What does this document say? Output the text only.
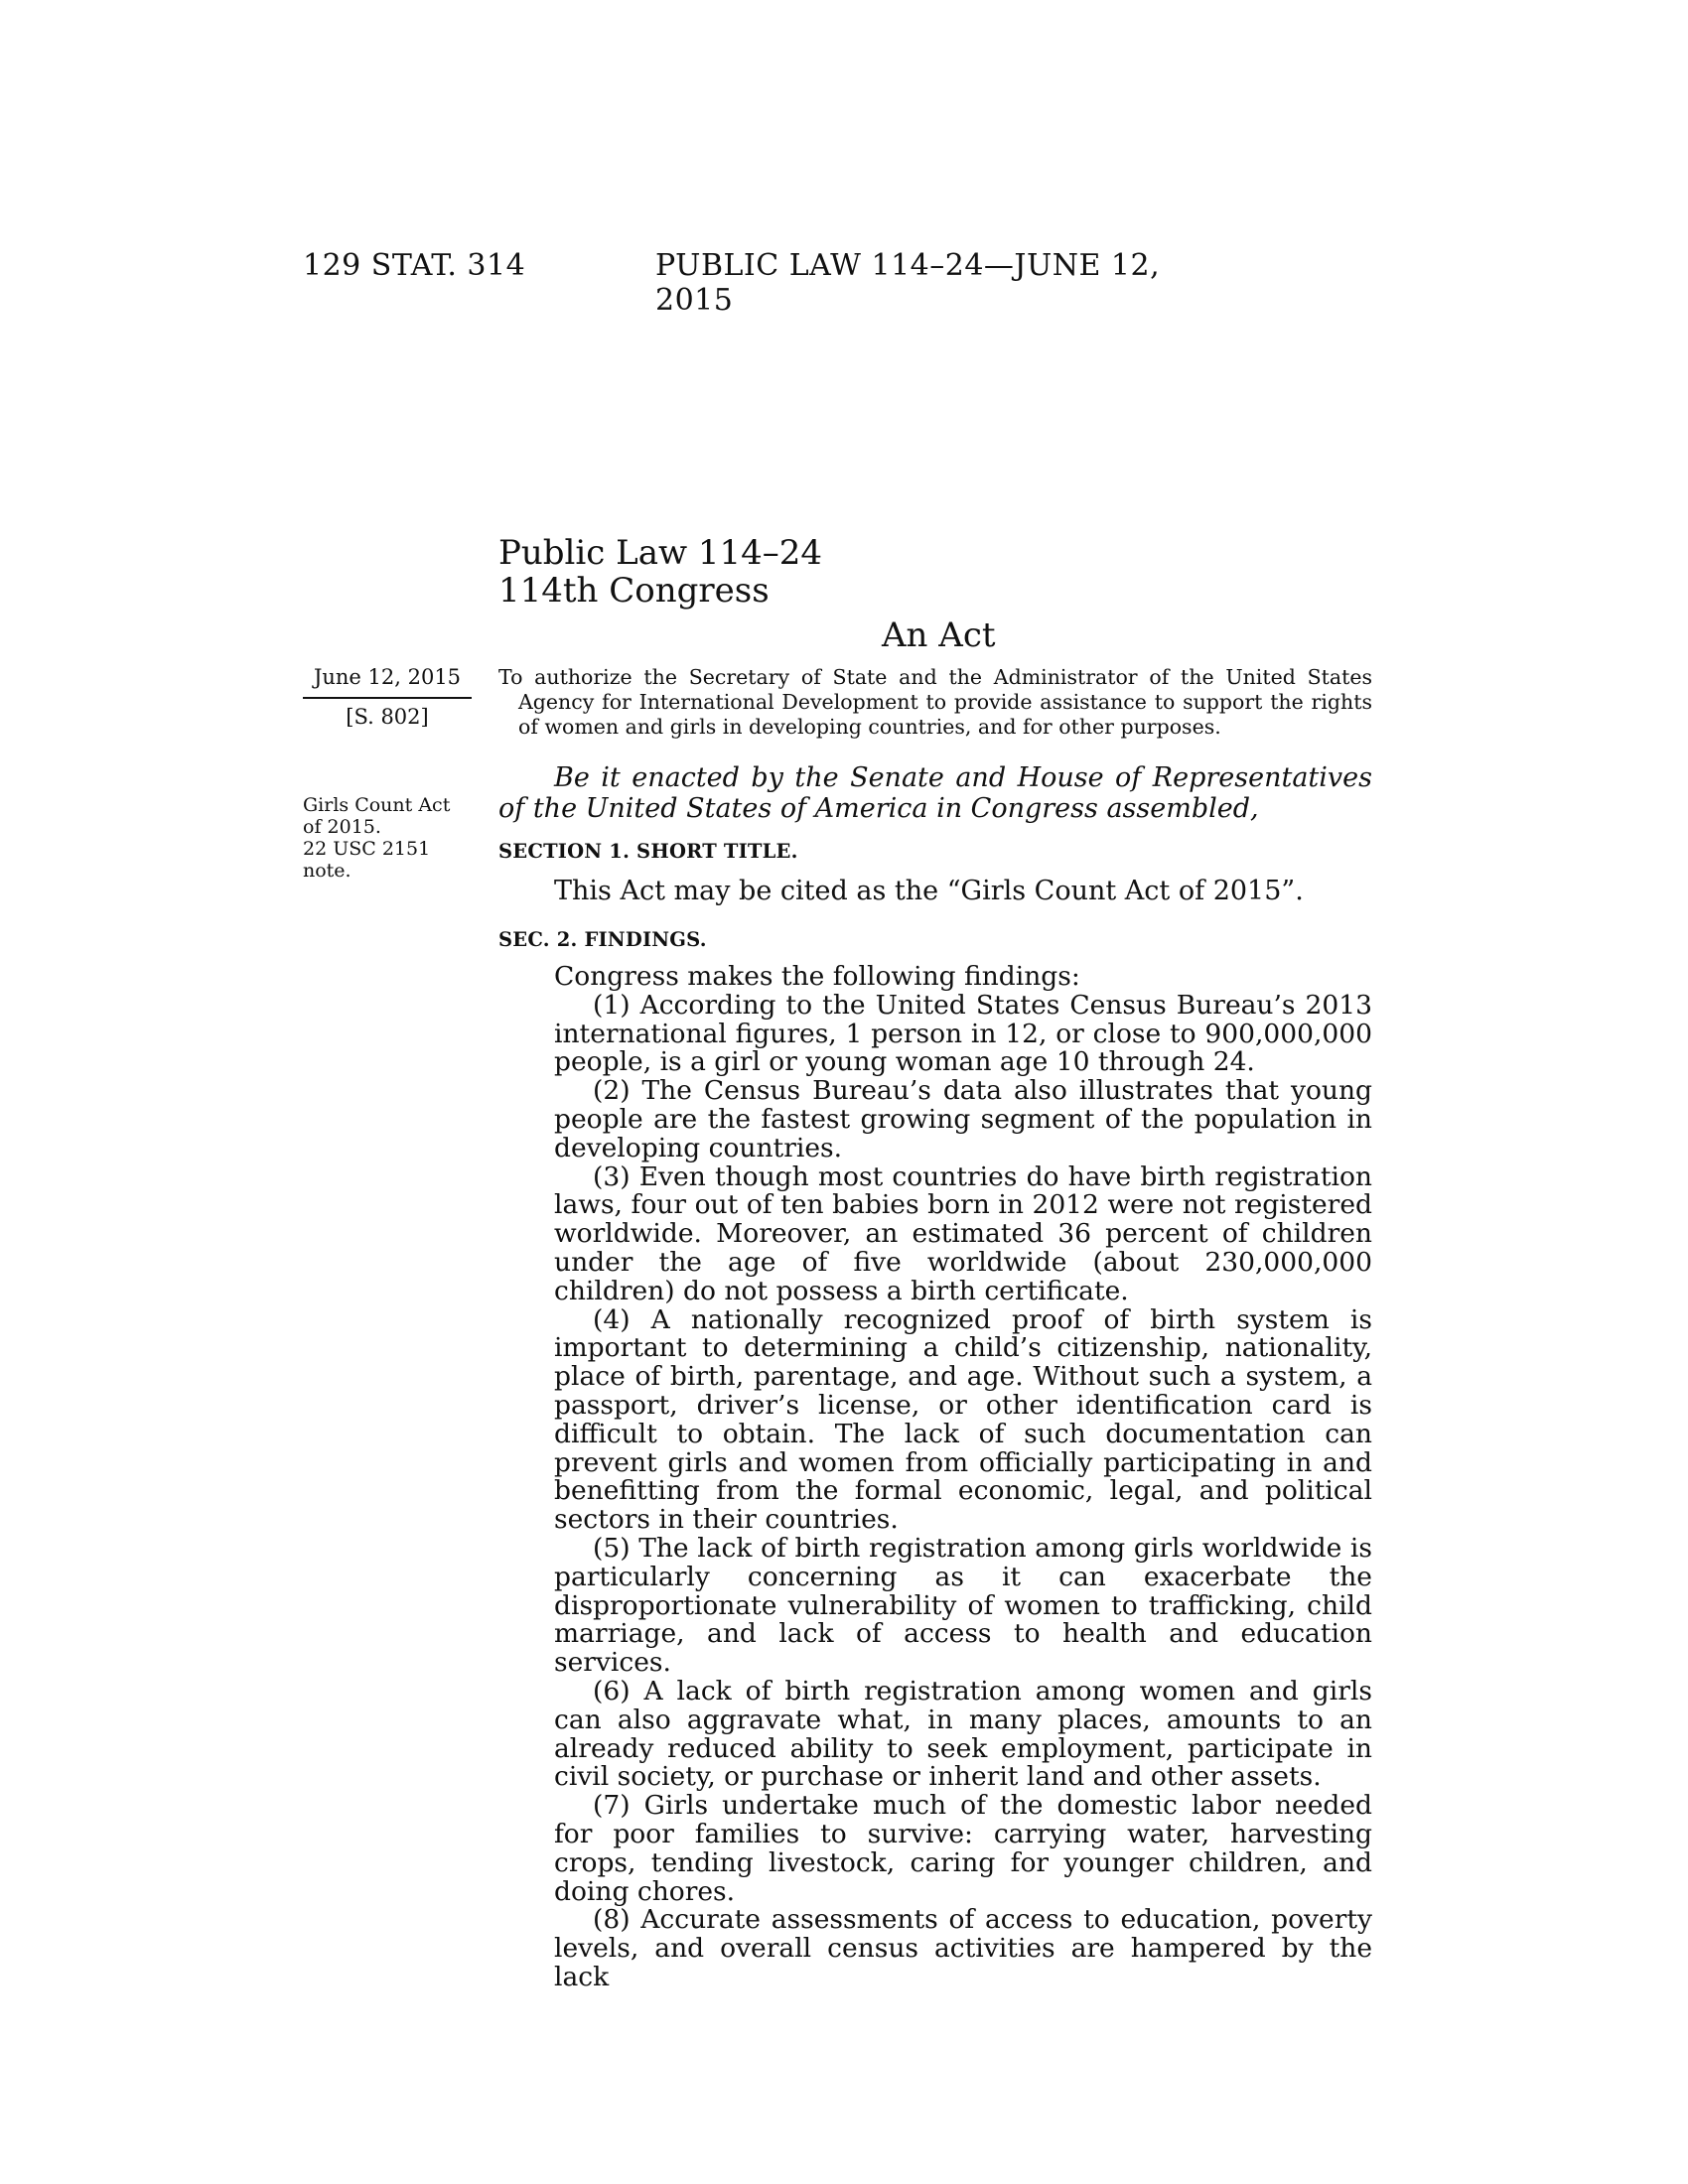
129 STAT. 314	PUBLIC LAW 114–24—JUNE 12, 2015
Public Law 114–24
114th Congress
An Act
June 12, 2015
[S. 802]
Girls Count Act
of 2015.
22 USC 2151
note.
To authorize the Secretary of State and the Administrator of the United States Agency for International Development to provide assistance to support the rights of women and girls in developing countries, and for other purposes.
Be it enacted by the Senate and House of Representatives of the United States of America in Congress assembled,
SECTION 1. SHORT TITLE.
This Act may be cited as the “Girls Count Act of 2015”.
SEC. 2. FINDINGS.

Congress makes the following findings:

(1) According to the United States Census Bureau’s 2013 international figures, 1 person in 12, or close to 900,000,000 people, is a girl or young woman age 10 through 24.

(2) The Census Bureau’s data also illustrates that young people are the fastest growing segment of the population in developing countries.

(3) Even though most countries do have birth registration laws, four out of ten babies born in 2012 were not registered worldwide. Moreover, an estimated 36 percent of children under the age of five worldwide (about 230,000,000 children) do not possess a birth certificate.

(4) A nationally recognized proof of birth system is important to determining a child’s citizenship, nationality, place of birth, parentage, and age. Without such a system, a passport, driver’s license, or other identification card is difficult to obtain. The lack of such documentation can prevent girls and women from officially participating in and benefitting from the formal economic, legal, and political sectors in their countries.

(5) The lack of birth registration among girls worldwide is particularly concerning as it can exacerbate the disproportionate vulnerability of women to trafficking, child marriage, and lack of access to health and education services.

(6) A lack of birth registration among women and girls can also aggravate what, in many places, amounts to an already reduced ability to seek employment, participate in civil society, or purchase or inherit land and other assets.

(7) Girls undertake much of the domestic labor needed for poor families to survive: carrying water, harvesting crops, tending livestock, caring for younger children, and doing chores.

(8) Accurate assessments of access to education, poverty levels, and overall census activities are hampered by the lack
